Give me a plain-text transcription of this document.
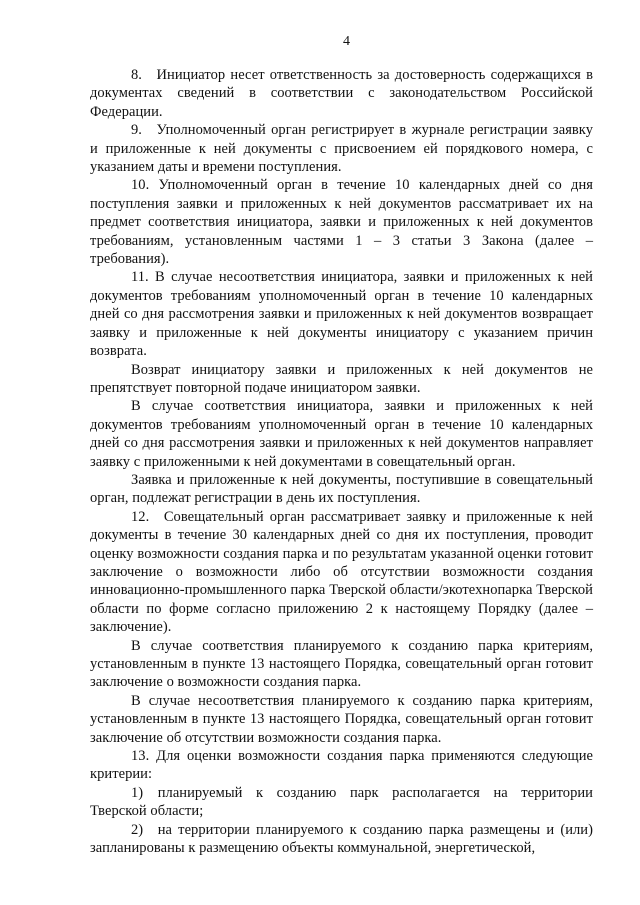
4

8. Инициатор несет ответственность за достоверность содержащихся в документах сведений в соответствии с законодательством Российской Федерации.

9. Уполномоченный орган регистрирует в журнале регистрации заявку и приложенные к ней документы с присвоением ей порядкового номера, с указанием даты и времени поступления.

10. Уполномоченный орган в течение 10 календарных дней со дня поступления заявки и приложенных к ней документов рассматривает их на предмет соответствия инициатора, заявки и приложенных к ней документов требованиям, установленным частями 1 – 3 статьи 3 Закона (далее – требования).

11. В случае несоответствия инициатора, заявки и приложенных к ней документов требованиям уполномоченный орган в течение 10 календарных дней со дня рассмотрения заявки и приложенных к ней документов возвращает заявку и приложенные к ней документы инициатору с указанием причин возврата.

Возврат инициатору заявки и приложенных к ней документов не препятствует повторной подаче инициатором заявки.

В случае соответствия инициатора, заявки и приложенных к ней документов требованиям уполномоченный орган в течение 10 календарных дней со дня рассмотрения заявки и приложенных к ней документов направляет заявку с приложенными к ней документами в совещательный орган.

Заявка и приложенные к ней документы, поступившие в совещательный орган, подлежат регистрации в день их поступления.

12. Совещательный орган рассматривает заявку и приложенные к ней документы в течение 30 календарных дней со дня их поступления, проводит оценку возможности создания парка и по результатам указанной оценки готовит заключение о возможности либо об отсутствии возможности создания инновационно-промышленного парка Тверской области/экотехнопарка Тверской области по форме согласно приложению 2 к настоящему Порядку (далее – заключение).

В случае соответствия планируемого к созданию парка критериям, установленным в пункте 13 настоящего Порядка, совещательный орган готовит заключение о возможности создания парка.

В случае несоответствия планируемого к созданию парка критериям, установленным в пункте 13 настоящего Порядка, совещательный орган готовит заключение об отсутствии возможности создания парка.

13. Для оценки возможности создания парка применяются следующие критерии:

1) планируемый к созданию парк располагается на территории Тверской области;

2) на территории планируемого к созданию парка размещены и (или) запланированы к размещению объекты коммунальной, энергетической,
